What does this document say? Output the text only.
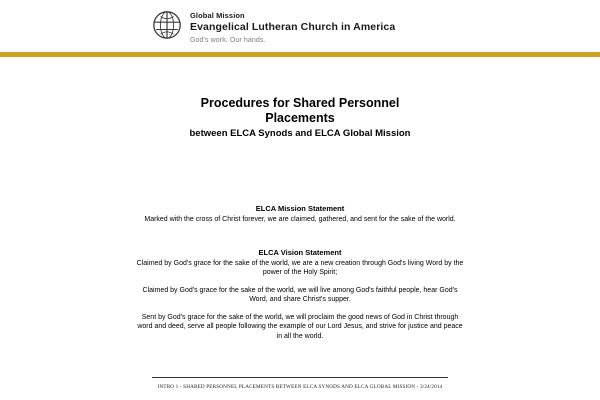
Global Mission
Evangelical Lutheran Church in America
God's work. Our hands.
Procedures for Shared Personnel
Placements
between ELCA Synods and ELCA Global Mission
ELCA Mission Statement
Marked with the cross of Christ forever, we are claimed, gathered, and sent for the sake of the world.
ELCA Vision Statement
Claimed by God's grace for the sake of the world, we are a new creation through God's living Word by the power of the Holy Spirit;
Claimed by God's grace for the sake of the world, we will live among God's faithful people, hear God's Word, and share Christ's supper.
Sent by God's grace for the sake of the world, we will proclaim the good news of God in Christ through word and deed, serve all people following the example of our Lord Jesus, and strive for justice and peace in all the world.
INTRO 1 - SHARED PERSONNEL PLACEMENTS BETWEEN ELCA SYNODS AND ELCA GLOBAL MISSION - 3/24/2014
